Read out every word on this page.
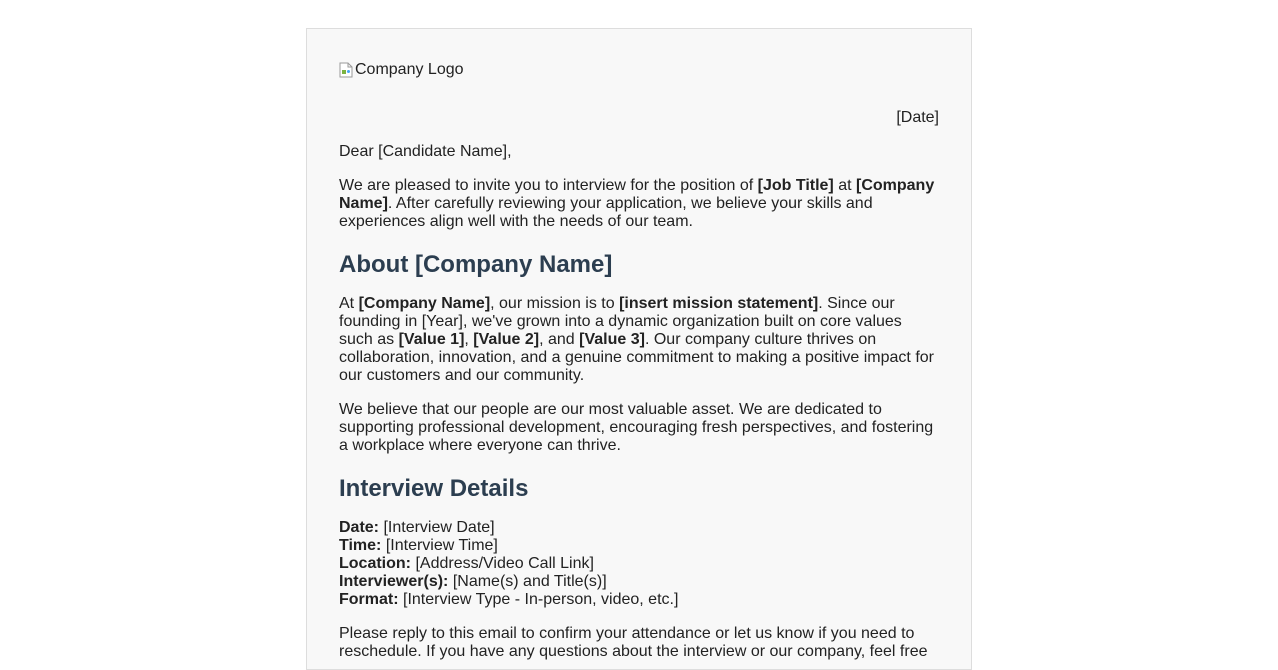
Company Logo
[Date]

Dear [Candidate Name],

We are pleased to invite you to interview for the position of [Job Title] at [Company Name]. After carefully reviewing your application, we believe your skills and experiences align well with the needs of our team.

About [Company Name]

At [Company Name], our mission is to [insert mission statement]. Since our founding in [Year], we've grown into a dynamic organization built on core values such as [Value 1], [Value 2], and [Value 3]. Our company culture thrives on collaboration, innovation, and a genuine commitment to making a positive impact for our customers and our community.

We believe that our people are our most valuable asset. We are dedicated to supporting professional development, encouraging fresh perspectives, and fostering a workplace where everyone can thrive.

Interview Details

Date: [Interview Date]
Time: [Interview Time]
Location: [Address/Video Call Link]
Interviewer(s): [Name(s) and Title(s)]
Format: [Interview Type - In-person, video, etc.]

Please reply to this email to confirm your attendance or let us know if you need to reschedule. If you have any questions about the interview or our company, feel free
